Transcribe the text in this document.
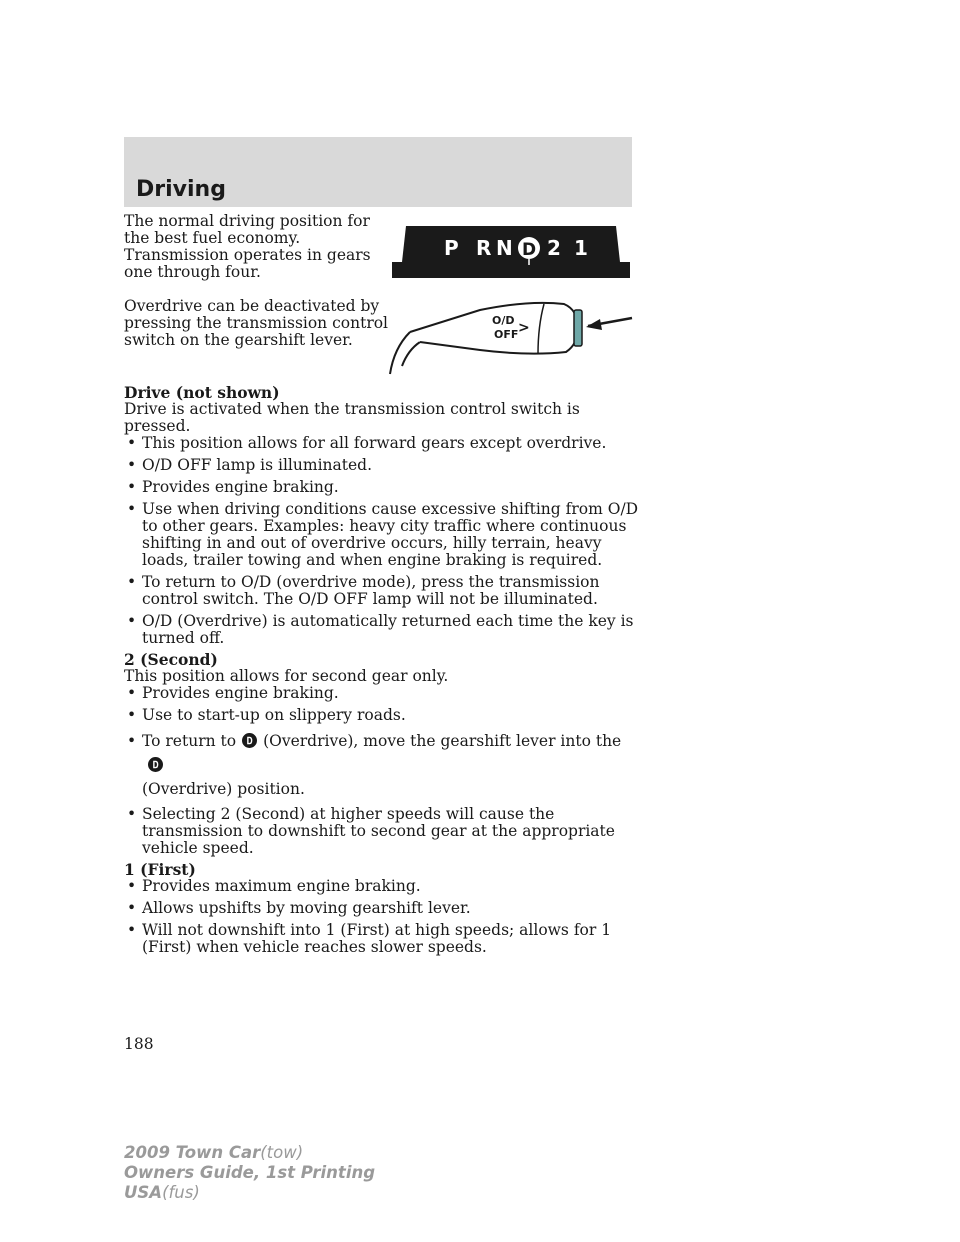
Driving

The normal driving position for the best fuel economy. Transmission operates in gears one through four.

Overdrive can be deactivated by pressing the transmission control switch on the gearshift lever.

P R N D 2 1
O/D
OFF >

Drive (not shown)

Drive is activated when the transmission control switch is pressed.

• This position allows for all forward gears except overdrive.
• O/D OFF lamp is illuminated.
• Provides engine braking.
• Use when driving conditions cause excessive shifting from O/D to other gears. Examples: heavy city traffic where continuous shifting in and out of overdrive occurs, hilly terrain, heavy loads, trailer towing and when engine braking is required.
• To return to O/D (overdrive mode), press the transmission control switch. The O/D OFF lamp will not be illuminated.
• O/D (Overdrive) is automatically returned each time the key is turned off.

2 (Second)

This position allows for second gear only.

• Provides engine braking.
• Use to start-up on slippery roads.
• To return to (Overdrive), move the gearshift lever into the
(Overdrive) position.
• Selecting 2 (Second) at higher speeds will cause the transmission to downshift to second gear at the appropriate vehicle speed.

1 (First)

• Provides maximum engine braking.
• Allows upshifts by moving gearshift lever.
• Will not downshift into 1 (First) at high speeds; allows for 1 (First) when vehicle reaches slower speeds.
188
2009 Town Car(tow)
Owners Guide, 1st Printing
USA(fus)
